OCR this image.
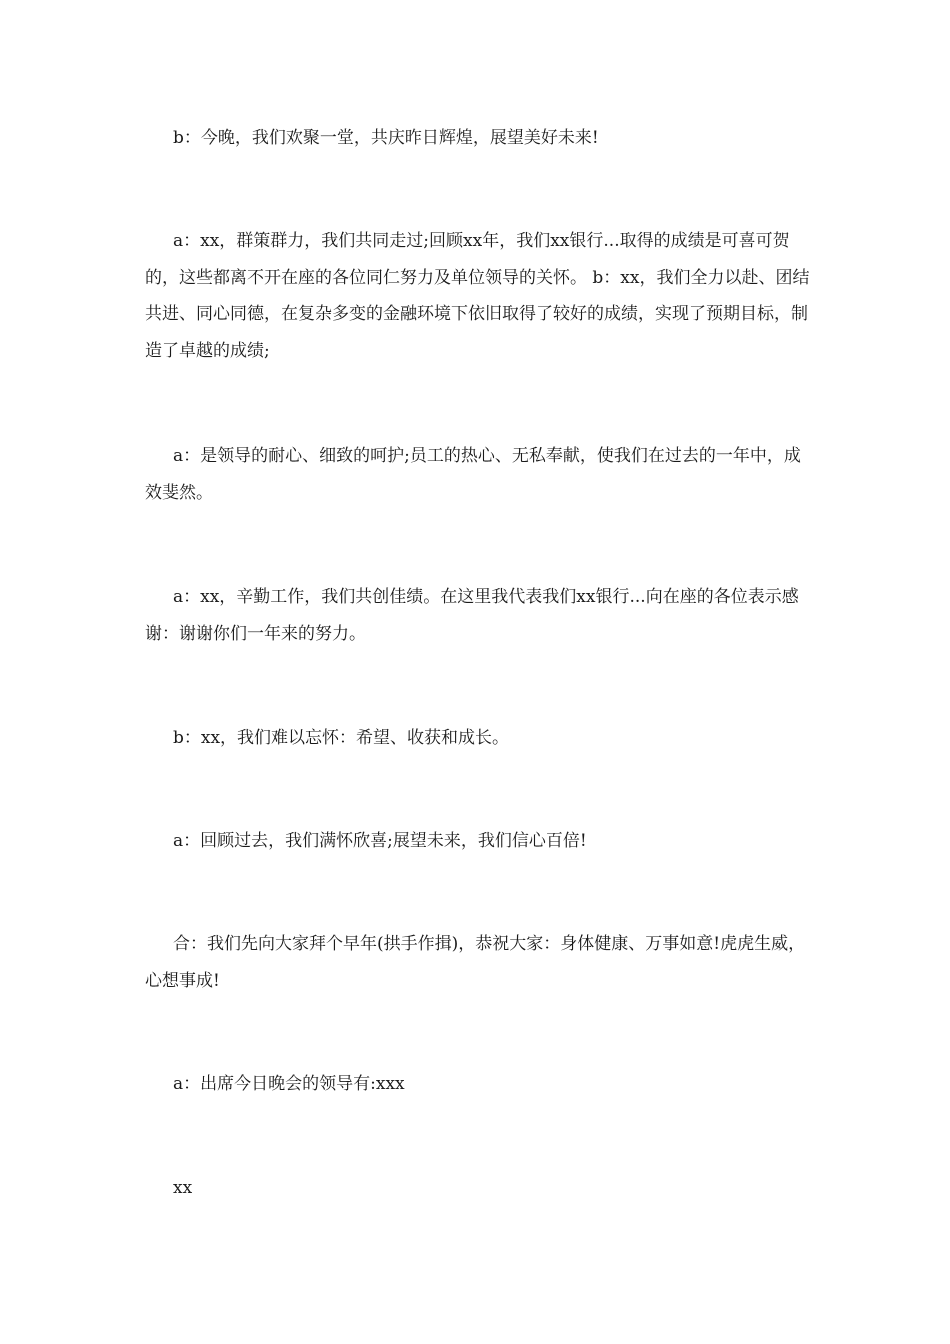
b：今晚，我们欢聚一堂，共庆昨日辉煌，展望美好未来!

a：xx，群策群力，我们共同走过;回顾xx年，我们xx银行...取得的成绩是可喜可贺的，这些都离不开在座的各位同仁努力及单位领导的关怀。 b：xx，我们全力以赴、团结共进、同心同德，在复杂多变的金融环境下依旧取得了较好的成绩，实现了预期目标，制造了卓越的成绩;

a：是领导的耐心、细致的呵护;员工的热心、无私奉献，使我们在过去的一年中，成效斐然。

a：xx，辛勤工作，我们共创佳绩。在这里我代表我们xx银行...向在座的各位表示感谢：谢谢你们一年来的努力。

b：xx，我们难以忘怀：希望、收获和成长。

a：回顾过去，我们满怀欣喜;展望未来，我们信心百倍!

合：我们先向大家拜个早年(拱手作揖)，恭祝大家：身体健康、万事如意!虎虎生威，心想事成!

a：出席今日晚会的领导有:xxx

xx
